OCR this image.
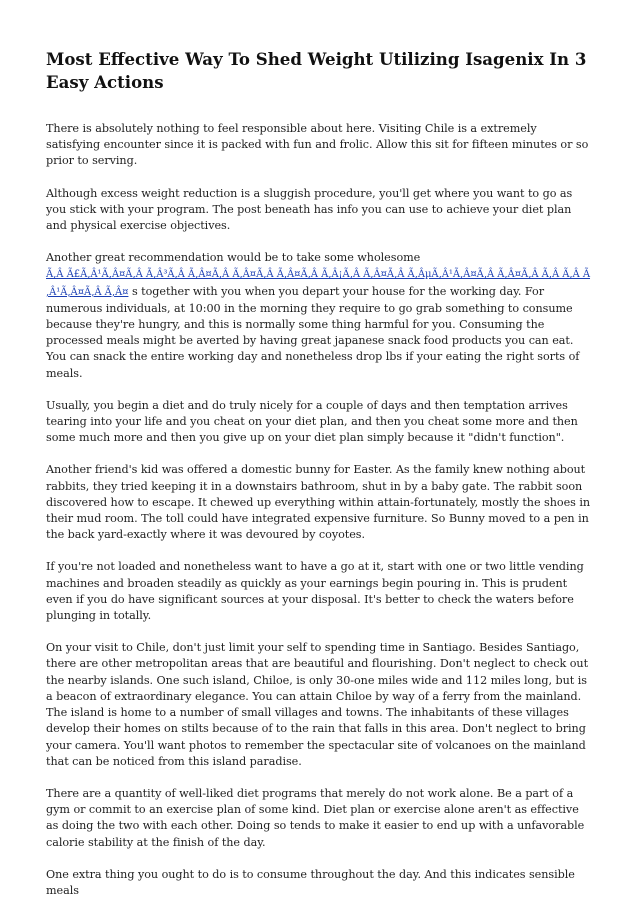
Most Effective Way To Shed Weight Utilizing Isagenix In 3 Easy Actions

There is absolutely nothing to feel responsible about here. Visiting Chile is a extremely satisfying encounter since it is packed with fun and frolic. Allow this sit for fifteen minutes or so prior to serving.

Although excess weight reduction is a sluggish procedure, you'll get where you want to go as you stick with your program. The post beneath has info you can use to achieve your diet plan and physical exercise objectives.

Another great recommendation would be to take some wholesome
Ã‚Â Ã£Ã‚Â¹Ã‚Â¤Ã‚Â Ã‚Â³Ã‚Â Ã‚Â¤Ã‚Â Ã‚Â¤Ã‚Â Ã‚Â¤Ã‚Â Ã‚Â¡Ã‚Â Ã‚Â¤Ã‚Â Ã‚ÂµÃ‚Â¹Ã‚Â¤Ã‚Â Ã‚Â¤Ã‚Â Ã‚Â Ã‚Â Ã‚Â¹Ã‚Â¤Ã‚Â Ã‚Â¤ s together with you when you depart your house for the working day. For numerous individuals, at 10:00 in the morning they require to go grab something to consume because they're hungry, and this is normally some thing harmful for you. Consuming the processed meals might be averted by having great japanese snack food products you can eat. You can snack the entire working day and nonetheless drop lbs if your eating the right sorts of meals.

Usually, you begin a diet and do truly nicely for a couple of days and then temptation arrives tearing into your life and you cheat on your diet plan, and then you cheat some more and then some much more and then you give up on your diet plan simply because it "didn't function".

Another friend's kid was offered a domestic bunny for Easter. As the family knew nothing about rabbits, they tried keeping it in a downstairs bathroom, shut in by a baby gate. The rabbit soon discovered how to escape. It chewed up everything within attain-fortunately, mostly the shoes in their mud room. The toll could have integrated expensive furniture. So Bunny moved to a pen in the back yard-exactly where it was devoured by coyotes.

If you're not loaded and nonetheless want to have a go at it, start with one or two little vending machines and broaden steadily as quickly as your earnings begin pouring in. This is prudent even if you do have significant sources at your disposal. It's better to check the waters before plunging in totally.

On your visit to Chile, don't just limit your self to spending time in Santiago. Besides Santiago, there are other metropolitan areas that are beautiful and flourishing. Don't neglect to check out the nearby islands. One such island, Chiloe, is only 30-one miles wide and 112 miles long, but is a beacon of extraordinary elegance. You can attain Chiloe by way of a ferry from the mainland. The island is home to a number of small villages and towns. The inhabitants of these villages develop their homes on stilts because of to the rain that falls in this area. Don't neglect to bring your camera. You'll want photos to remember the spectacular site of volcanoes on the mainland that can be noticed from this island paradise.

There are a quantity of well-liked diet programs that merely do not work alone. Be a part of a gym or commit to an exercise plan of some kind. Diet plan or exercise alone aren't as effective as doing the two with each other. Doing so tends to make it easier to end up with a unfavorable calorie stability at the finish of the day.

One extra thing you ought to do is to consume throughout the day. And this indicates sensible meals
